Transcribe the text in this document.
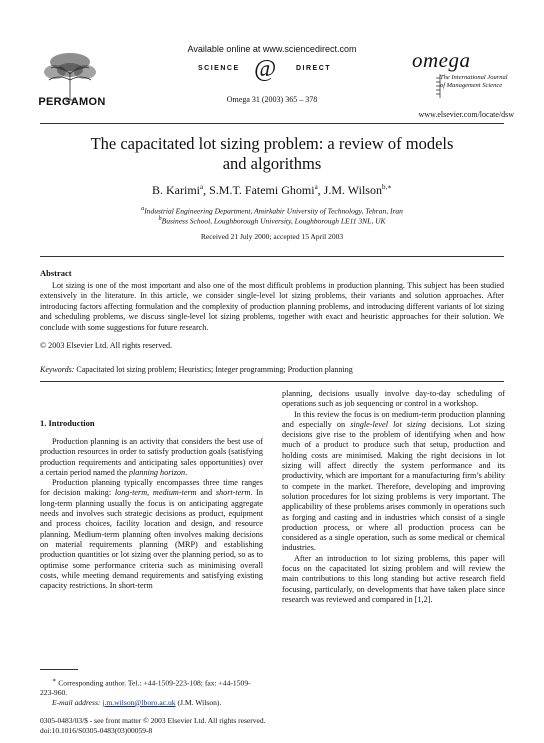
PERGAMON
Available online at www.sciencedirect.com
SCIENCE @	DIRECT
Omega 31 (2003) 365 – 378
omega
The International Journal
of Management Science
www.elsevier.com/locate/dsw
The capacitated lot sizing problem: a review of models
and algorithms
B. Karimi$^a$, S.M.T. Fatemi Ghomi$^a$, J.M. Wilson$^{b,∗}$
$^a$Industrial Engineering Department, Amirkabir University of Technology, Tehran, Iran
$^b$Business School, Loughborough University, Loughborough LE11 3NL, UK
Received 21 July 2000; accepted 15 April 2003
Abstract
Lot sizing is one of the most important and also one of the most difficult problems in production planning. This subject has been studied extensively in the literature. In this article, we consider single-level lot sizing problems, their variants and solution approaches. After introducing factors affecting formulation and the complexity of production planning problems, and introducing different variants of lot sizing and scheduling problems, we discuss single-level lot sizing problems, together with exact and heuristic approaches for their solution. We conclude with some suggestions for future research.
© 2003 Elsevier Ltd. All rights reserved.
Keywords: Capacitated lot sizing problem; Heuristics; Integer programming; Production planning
1. Introduction

Production planning is an activity that considers the best use of production resources in order to satisfy production goals (satisfying production requirements and anticipating sales opportunities) over a certain period named the planning horizon.

Production planning typically encompasses three time ranges for decision making: long-term, medium-term and short-term. In long-term planning usually the focus is on anticipating aggregate needs and involves such strategic decisions as product, equipment and process choices, facility location and design, and resource planning. Medium-term planning often involves making decisions on material requirements planning (MRP) and establishing production quantities or lot sizing over the planning period, so as to optimise some performance criteria such as minimising overall costs, while meeting demand requirements and satisfying existing capacity restrictions. In short-term

planning, decisions usually involve day-to-day scheduling of operations such as job sequencing or control in a workshop.

In this review the focus is on medium-term production planning and especially on single-level lot sizing decisions. Lot sizing decisions give rise to the problem of identifying when and how much of a product to produce such that setup, production and holding costs are minimised. Making the right decisions in lot sizing will affect directly the system performance and its productivity, which are important for a manufacturing firm’s ability to compete in the market. Therefore, developing and improving solution procedures for lot sizing problems is very important. The applicability of these problems arises commonly in operations such as forging and casting and in industries which consist of a single production process, or where all production process can be considered as a single operation, such as some medical or chemical industries.

After an introduction to lot sizing problems, this paper will focus on the capacitated lot sizing problem and will review the main contributions to this long standing but active research field focusing, particularly, on developments that have taken place since research was reviewed and compared in [1,2].

∗ Corresponding author. Tel.: +44-1509-223-108; fax: +44-1509-223-960.
E-mail address: j.m.wilson@lboro.ac.uk (J.M. Wilson).
0305-0483/03/$ - see front matter © 2003 Elsevier Ltd. All rights reserved.
doi:10.1016/S0305-0483(03)00059-8
